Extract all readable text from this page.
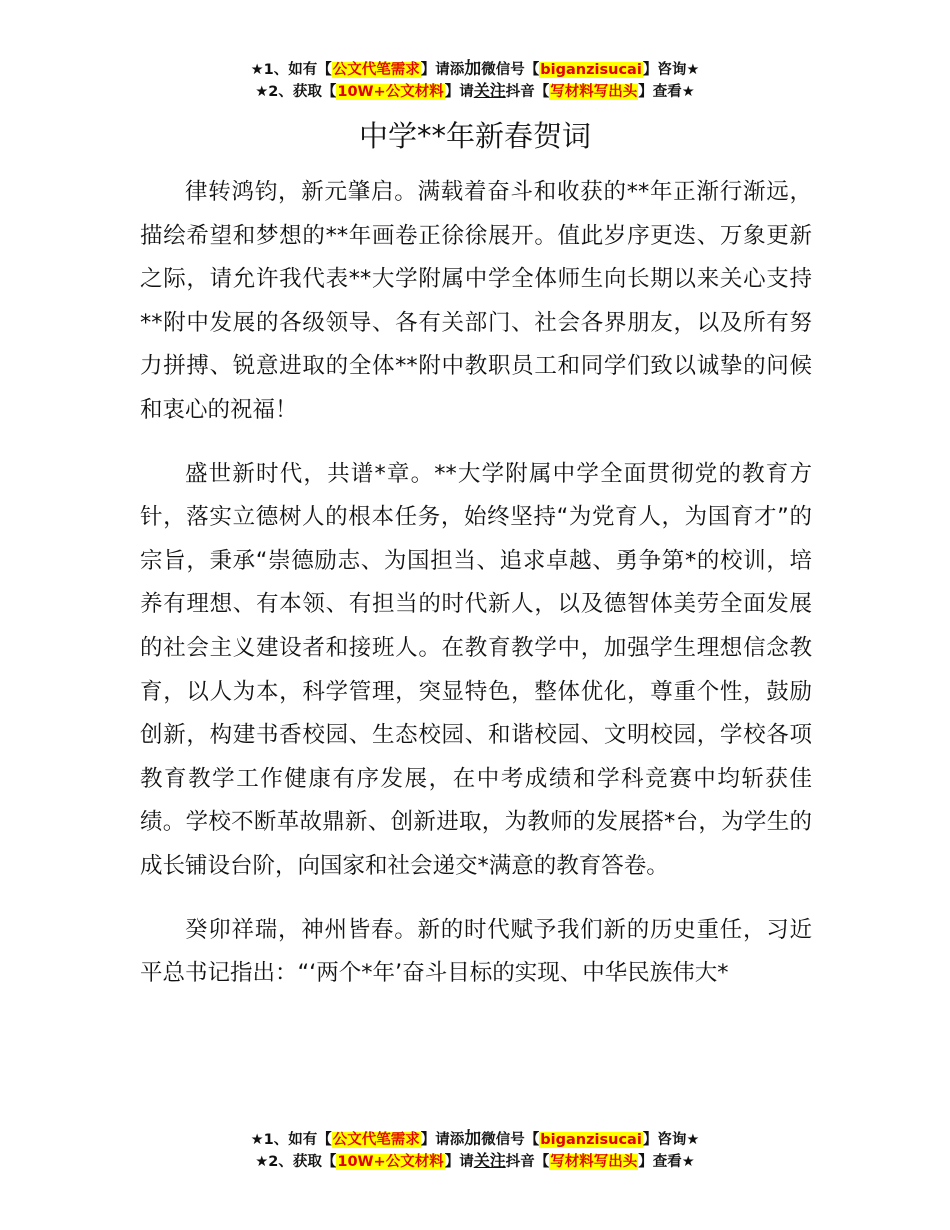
★1、如有【公文代笔需求】请添加微信号【biganzisucai】咨询★
★2、获取【10W+公文材料】请关注抖音【写材料写出头】查看★
中学**年新春贺词

律转鸿钧，新元肇启。满载着奋斗和收获的**年正渐行渐远，描绘希望和梦想的**年画卷正徐徐展开。值此岁序更迭、万象更新之际，请允许我代表**大学附属中学全体师生向长期以来关心支持**附中发展的各级领导、各有关部门、社会各界朋友，以及所有努力拼搏、锐意进取的全体**附中教职员工和同学们致以诚挚的问候和衷心的祝福！

盛世新时代，共谱*章。**大学附属中学全面贯彻党的教育方针，落实立德树人的根本任务，始终坚持“为党育人，为国育才”的宗旨，秉承“崇德励志、为国担当、追求卓越、勇争第*的校训，培养有理想、有本领、有担当的时代新人，以及德智体美劳全面发展的社会主义建设者和接班人。在教育教学中，加强学生理想信念教育，以人为本，科学管理，突显特色，整体优化，尊重个性，鼓励创新，构建书香校园、生态校园、和谐校园、文明校园，学校各项教育教学工作健康有序发展，在中考成绩和学科竞赛中均斩获佳绩。学校不断革故鼎新、创新进取，为教师的发展搭*台，为学生的成长铺设台阶，向国家和社会递交*满意的教育答卷。

癸卯祥瑞，神州皆春。新的时代赋予我们新的历史重任，习近平总书记指出：“‘两个*年’奋斗目标的实现、中华民族伟大*

★1、如有【公文代笔需求】请添加微信号【biganzisucai】咨询★
★2、获取【10W+公文材料】请关注抖音【写材料写出头】查看★
